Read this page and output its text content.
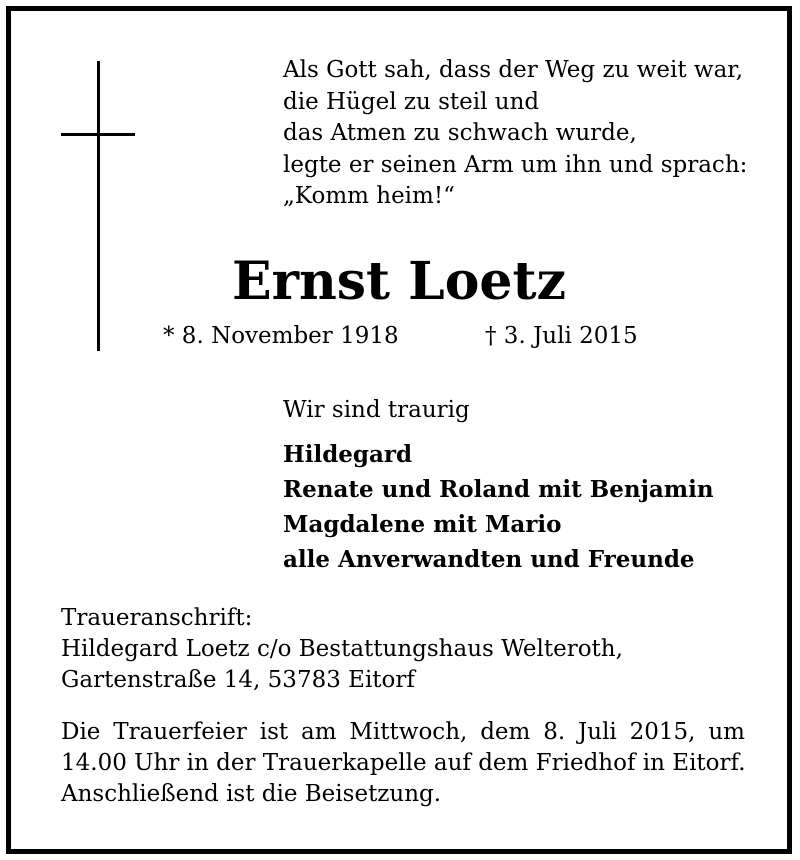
Als Gott sah, dass der Weg zu weit war,
die Hügel zu steil und
das Atmen zu schwach wurde,
legte er seinen Arm um ihn und sprach:
„Komm heim!“
Ernst Loetz
* 8. November 1918	† 3. Juli 2015
Wir sind traurig
Hildegard
Renate und Roland mit Benjamin
Magdalene mit Mario
alle Anverwandten und Freunde
Traueranschrift:
Hildegard Loetz c/o Bestattungshaus Welteroth,
Gartenstraße 14, 53783 Eitorf
Die Trauerfeier ist am Mittwoch, dem 8. Juli 2015, um
14.00 Uhr in der Trauerkapelle auf dem Friedhof in Eitorf.
Anschließend ist die Beisetzung.
